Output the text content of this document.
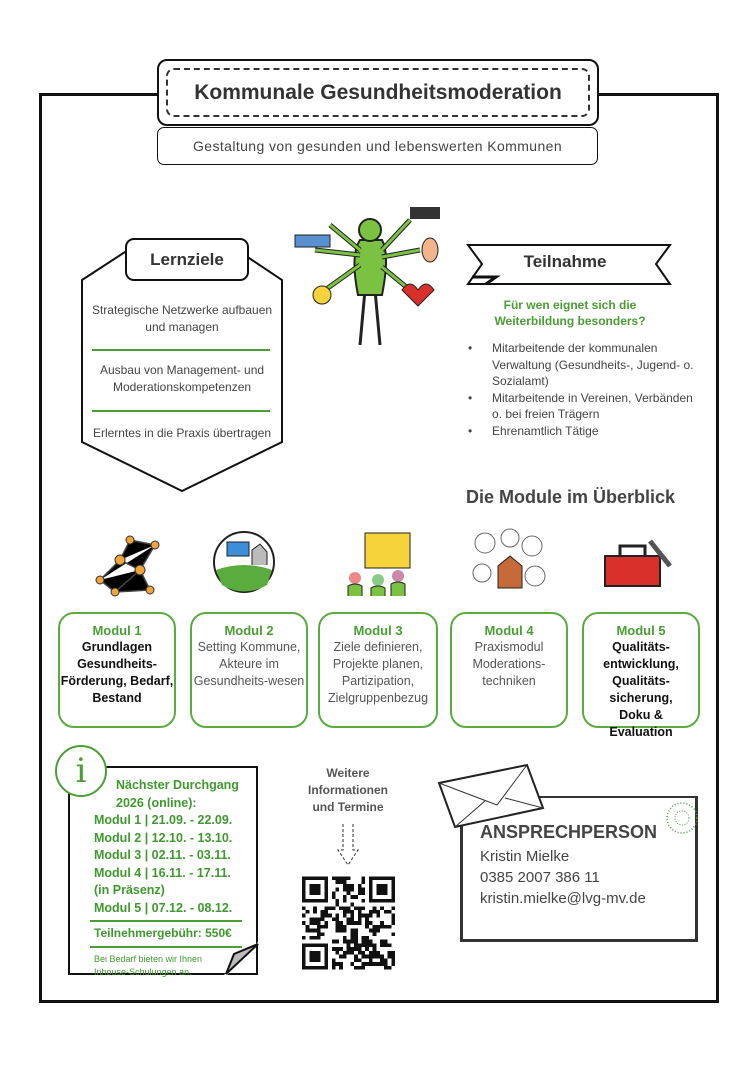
Kommunale Gesundheitsmoderation
Gestaltung von gesunden und lebenswerten Kommunen
Lernziele
Strategische Netzwerke aufbauen und managen
Ausbau von Management- und Moderationskompetenzen
Erlerntes in die Praxis übertragen
Teilnahme
Für wen eignet sich die Weiterbildung besonders?
• Mitarbeitende der kommunalen Verwaltung (Gesundheits-, Jugend- o. Sozialamt)
• Mitarbeitende in Vereinen, Verbänden o. bei freien Trägern
• Ehrenamtlich Tätige
Die Module im Überblick
Modul 1
Grundlagen Gesundheits-Förderung, Bedarf, Bestand
Modul 2
Setting Kommune, Akteure im Gesundheits-wesen
Modul 3
Ziele definieren, Projekte planen, Partizipation, Zielgruppenbezug
Modul 4
Praxismodul Moderations-techniken
Modul 5
Qualitäts-entwicklung, Qualitäts-sicherung, Doku & Evaluation
Nächster Durchgang 2026 (online):
Modul 1 | 21.09. - 22.09.
Modul 2 | 12.10. - 13.10.
Modul 3 | 02.11. - 03.11.
Modul 4 | 16.11. - 17.11.
(in Präsenz)
Modul 5 | 07.12. - 08.12.
Teilnehmergebühr: 550€
Bei Bedarf bieten wir Ihnen Inhouse-Schulungen an.
i	Weitere Informationen und Termine
ANSPRECHPERSON
Kristin Mielke
0385 2007 386 11
kristin.mielke@lvg-mv.de
